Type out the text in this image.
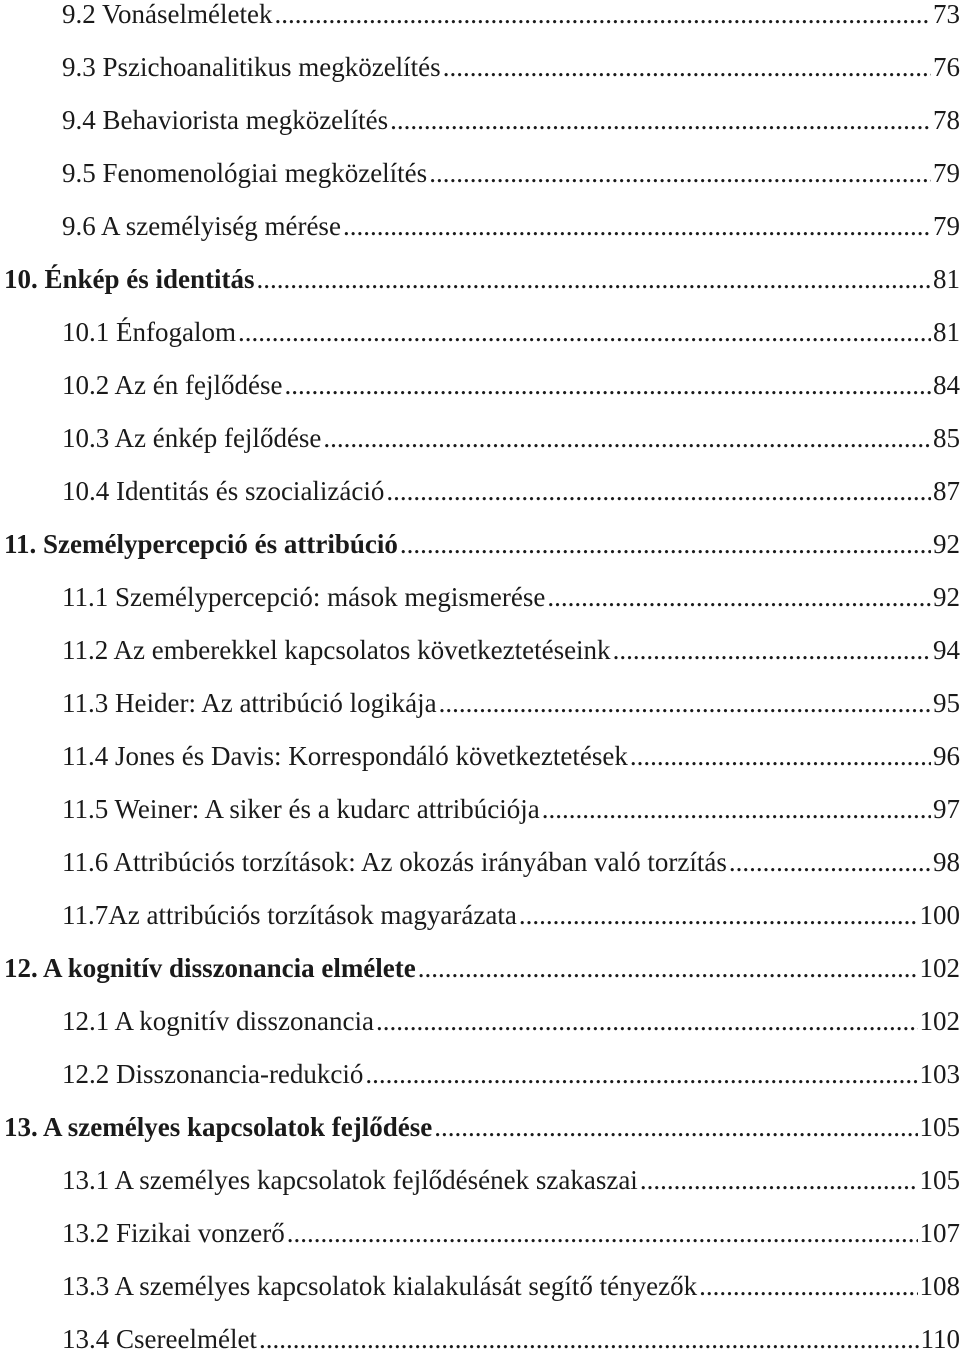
9.2 Vonáselméletek .....	73
9.3 Pszichoanalitikus megközelítés .....	76
9.4 Behaviorista megközelítés .....	78
9.5 Fenomenológiai megközelítés .....	79
9.6 A személyiség mérése .....	79
10. Énkép és identitás .....	81
10.1 Énfogalom .....	81
10.2 Az én fejlődése .....	84
10.3 Az énkép fejlődése .....	85
10.4 Identitás és szocializáció .....	87
11. Személypercepció és attribúció .....	92
11.1 Személypercepció: mások megismerése .....	92
11.2 Az emberekkel kapcsolatos következtetéseink .....	94
11.3 Heider: Az attribúció logikája .....	95
11.4 Jones és Davis: Korrespondáló következtetések .....	96
11.5 Weiner: A siker és a kudarc attribúciója .....	97
11.6 Attribúciós torzítások: Az okozás irányában való torzítás .....	98
11.7Az attribúciós torzítások magyarázata .....	100
12. A kognitív disszonancia elmélete .....	102
12.1 A kognitív disszonancia .....	102
12.2 Disszonancia-redukció .....	103
13. A személyes kapcsolatok fejlődése .....	105
13.1 A személyes kapcsolatok fejlődésének szakaszai .....	105
13.2 Fizikai vonzerő .....	107
13.3 A személyes kapcsolatok kialakulását segítő tényezők .....	108
13.4 Csereelmélet .....	110
